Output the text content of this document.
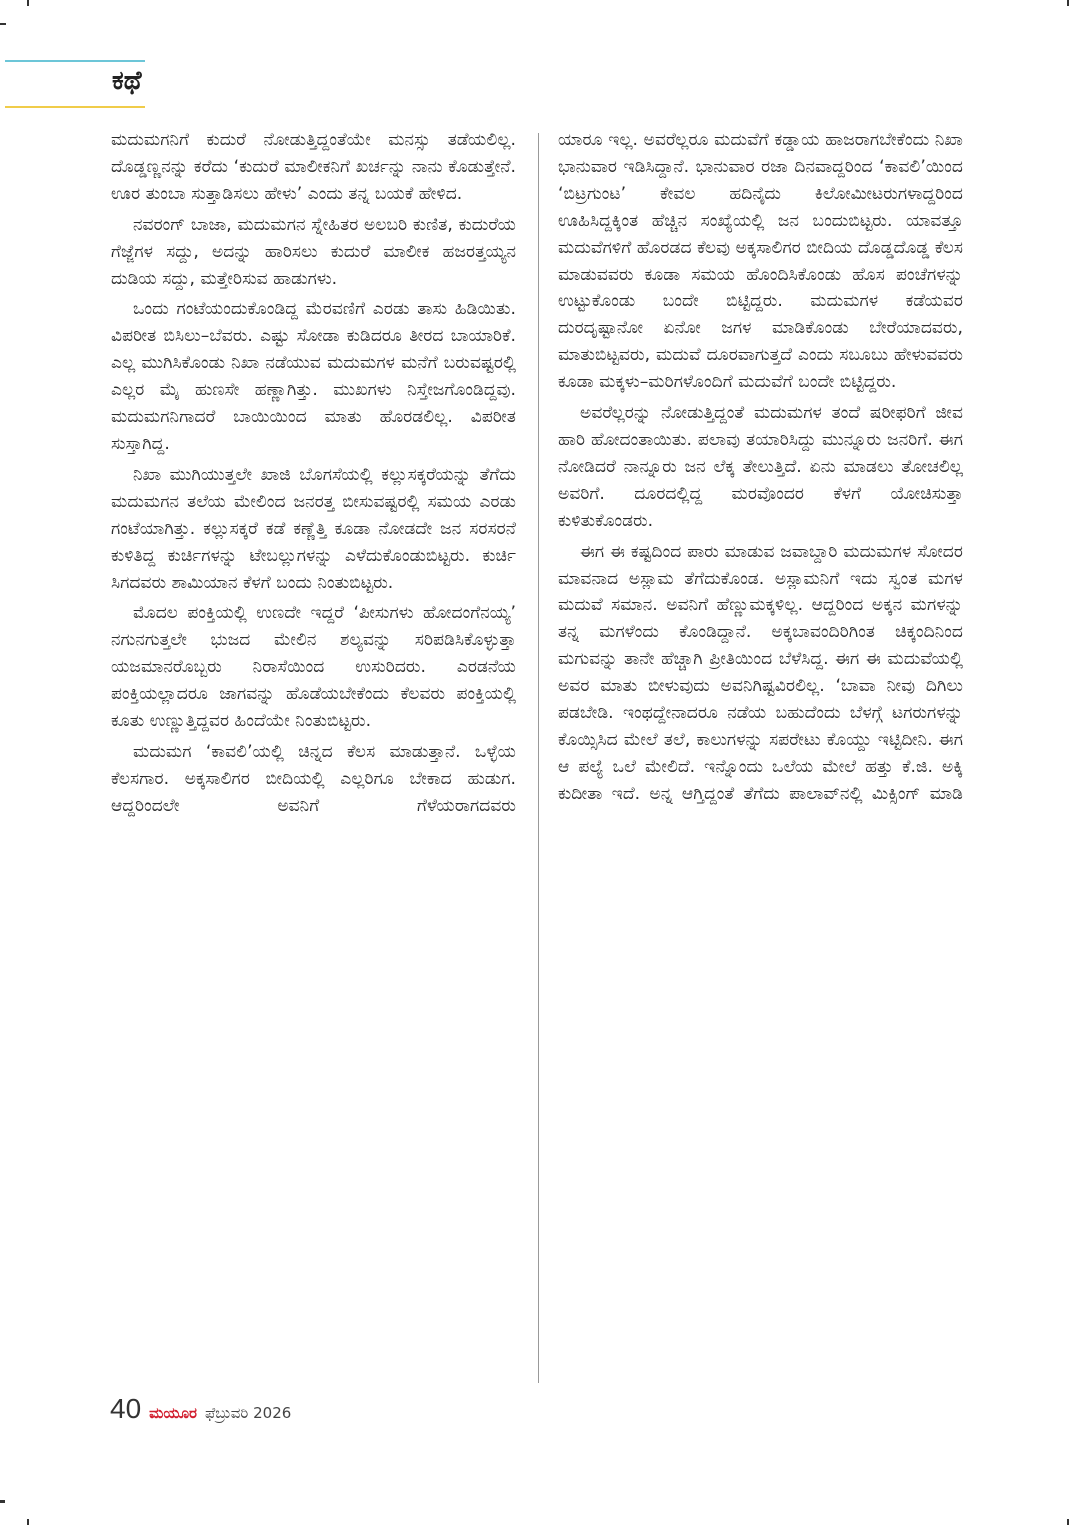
ಕಥೆ

ಮದುಮಗನಿಗೆ ಕುದುರೆ ನೋಡುತ್ತಿದ್ದಂತೆಯೇ ಮನಸ್ಸು ತಡೆಯಲಿಲ್ಲ. ದೊಡ್ಡಣ್ಣನನ್ನು ಕರೆದು ‘ಕುದುರೆ ಮಾಲೀಕನಿಗೆ ಖರ್ಚನ್ನು ನಾನು ಕೊಡುತ್ತೇನೆ. ಊರ ತುಂಬಾ ಸುತ್ತಾಡಿಸಲು ಹೇಳು’ ಎಂದು ತನ್ನ ಬಯಕೆ ಹೇಳಿದ.

ನವರಂಗ್ ಬಾಜಾ, ಮದುಮಗನ ಸ್ನೇಹಿತರ ಅಲಬರಿ ಕುಣಿತ, ಕುದುರೆಯ ಗೆಜ್ಜೆಗಳ ಸದ್ದು, ಅದನ್ನು ಹಾರಿಸಲು ಕುದುರೆ ಮಾಲೀಕ ಹಜರತ್ತಯ್ಯನ ದುಡಿಯ ಸದ್ದು, ಮತ್ತೇರಿಸುವ ಹಾಡುಗಳು.

ಒಂದು ಗಂಟೆಯಂದುಕೊಂಡಿದ್ದ ಮೆರವಣಿಗೆ ಎರಡು ತಾಸು ಹಿಡಿಯಿತು. ವಿಪರೀತ ಬಿಸಿಲು–ಬೆವರು. ಎಷ್ಟು ಸೋಡಾ ಕುಡಿದರೂ ತೀರದ ಬಾಯಾರಿಕೆ. ಎಲ್ಲ ಮುಗಿಸಿಕೊಂಡು ನಿಖಾ ನಡೆಯುವ ಮದುಮಗಳ ಮನೆಗೆ ಬರುವಷ್ಟರಲ್ಲಿ ಎಲ್ಲರ ಮೈ ಹುಣಸೇ ಹಣ್ಣಾಗಿತ್ತು. ಮುಖಗಳು ನಿಸ್ತೇಜಗೊಂಡಿದ್ದವು. ಮದುಮಗನಿಗಾದರೆ ಬಾಯಿಯಿಂದ ಮಾತು ಹೊರಡಲಿಲ್ಲ. ವಿಪರೀತ ಸುಸ್ತಾಗಿದ್ದ.

ನಿಖಾ ಮುಗಿಯುತ್ತಲೇ ಖಾಜಿ ಬೊಗಸೆಯಲ್ಲಿ ಕಲ್ಲುಸಕ್ಕರೆಯನ್ನು ತೆಗೆದು ಮದುಮಗನ ತಲೆಯ ಮೇಲಿಂದ ಜನರತ್ತ ಬೀಸುವಷ್ಟರಲ್ಲಿ ಸಮಯ ಎರಡು ಗಂಟೆಯಾಗಿತ್ತು. ಕಲ್ಲುಸಕ್ಕರೆ ಕಡೆ ಕಣ್ಣೆತ್ತಿ ಕೂಡಾ ನೋಡದೇ ಜನ ಸರಸರನೆ ಕುಳಿತಿದ್ದ ಕುರ್ಚಿಗಳನ್ನು ಟೇಬಲ್ಲುಗಳನ್ನು ಎಳೆದುಕೊಂಡುಬಿಟ್ಟರು. ಕುರ್ಚಿ ಸಿಗದವರು ಶಾಮಿಯಾನ ಕೆಳಗೆ ಬಂದು ನಿಂತುಬಿಟ್ಟರು.

ಮೊದಲ ಪಂಕ್ತಿಯಲ್ಲಿ ಉಣದೇ ಇದ್ದರೆ ‘ಪೀಸುಗಳು ಹೋದಂಗೆನಯ್ಯ’ ನಗುನಗುತ್ತಲೇ ಭುಜದ ಮೇಲಿನ ಶಲ್ಯವನ್ನು ಸರಿಪಡಿಸಿಕೊಳ್ಳುತ್ತಾ ಯಜಮಾನರೊಬ್ಬರು ನಿರಾಸೆಯಿಂದ ಉಸುರಿದರು. ಎರಡನೆಯ ಪಂಕ್ತಿಯಲ್ಲಾದರೂ ಜಾಗವನ್ನು ಹೊಡೆಯಬೇಕೆಂದು ಕೆಲವರು ಪಂಕ್ತಿಯಲ್ಲಿ ಕೂತು ಉಣ್ಣುತ್ತಿದ್ದವರ ಹಿಂದೆಯೇ ನಿಂತುಬಿಟ್ಟರು.

ಮದುಮಗ ‘ಕಾವಲಿ’ಯಲ್ಲಿ ಚಿನ್ನದ ಕೆಲಸ ಮಾಡುತ್ತಾನೆ. ಒಳ್ಳೆಯ ಕೆಲಸಗಾರ. ಅಕ್ಕಸಾಲಿಗರ ಬೀದಿಯಲ್ಲಿ ಎಲ್ಲರಿಗೂ ಬೇಕಾದ ಹುಡುಗ. ಆದ್ದರಿಂದಲೇ ಅವನಿಗೆ ಗೆಳೆಯರಾಗದವರು

ಯಾರೂ ಇಲ್ಲ. ಅವರೆಲ್ಲರೂ ಮದುವೆಗೆ ಕಡ್ಡಾಯ ಹಾಜರಾಗಬೇಕೆಂದು ನಿಖಾ ಭಾನುವಾರ ಇಡಿಸಿದ್ದಾನೆ. ಭಾನುವಾರ ರಜಾ ದಿನವಾದ್ದರಿಂದ ‘ಕಾವಲಿ’ಯಿಂದ ‘ಬಿಟ್ರಗುಂಟ’ ಕೇವಲ ಹದಿನೈದು ಕಿಲೋಮೀಟರುಗಳಾದ್ದರಿಂದ ಊಹಿಸಿದ್ದಕ್ಕಿಂತ ಹೆಚ್ಚಿನ ಸಂಖ್ಯೆಯಲ್ಲಿ ಜನ ಬಂದುಬಿಟ್ಟರು. ಯಾವತ್ತೂ ಮದುವೆಗಳಿಗೆ ಹೊರಡದ ಕೆಲವು ಅಕ್ಕಸಾಲಿಗರ ಬೀದಿಯ ದೊಡ್ಡದೊಡ್ಡ ಕೆಲಸ ಮಾಡುವವರು ಕೂಡಾ ಸಮಯ ಹೊಂದಿಸಿಕೊಂಡು ಹೊಸ ಪಂಚೆಗಳನ್ನು ಉಟ್ಟುಕೊಂಡು ಬಂದೇ ಬಿಟ್ಟಿದ್ದರು. ಮದುಮಗಳ ಕಡೆಯವರ ದುರದೃಷ್ಟಾನೋ ಏನೋ ಜಗಳ ಮಾಡಿಕೊಂಡು ಬೇರೆಯಾದವರು, ಮಾತುಬಿಟ್ಟವರು, ಮದುವೆ ದೂರವಾಗುತ್ತದೆ ಎಂದು ಸಬೂಬು ಹೇಳುವವರು ಕೂಡಾ ಮಕ್ಕಳು–ಮರಿಗಳೊಂದಿಗೆ ಮದುವೆಗೆ ಬಂದೇ ಬಿಟ್ಟಿದ್ದರು.

ಅವರೆಲ್ಲರನ್ನು ನೋಡುತ್ತಿದ್ದಂತೆ ಮದುಮಗಳ ತಂದೆ ಷರೀಫರಿಗೆ ಜೀವ ಹಾರಿ ಹೋದಂತಾಯಿತು. ಪಲಾವು ತಯಾರಿಸಿದ್ದು ಮುನ್ನೂರು ಜನರಿಗೆ. ಈಗ ನೋಡಿದರೆ ನಾನ್ನೂರು ಜನ ಲೆಕ್ಕ ತೇಲುತ್ತಿದೆ. ಏನು ಮಾಡಲು ತೋಚಲಿಲ್ಲ ಅವರಿಗೆ. ದೂರದಲ್ಲಿದ್ದ ಮರವೊಂದರ ಕೆಳಗೆ ಯೋಚಿಸುತ್ತಾ ಕುಳಿತುಕೊಂಡರು.

ಈಗ ಈ ಕಷ್ಟದಿಂದ ಪಾರು ಮಾಡುವ ಜವಾಬ್ದಾರಿ ಮದುಮಗಳ ಸೋದರ ಮಾವನಾದ ಅಸ್ಲಾಮ ತೆಗೆದುಕೊಂಡ. ಅಸ್ಲಾಮನಿಗೆ ಇದು ಸ್ವಂತ ಮಗಳ ಮದುವೆ ಸಮಾನ. ಅವನಿಗೆ ಹೆಣ್ಣುಮಕ್ಕಳಿಲ್ಲ. ಆದ್ದರಿಂದ ಅಕ್ಕನ ಮಗಳನ್ನು ತನ್ನ ಮಗಳೆಂದು ಕೊಂಡಿದ್ದಾನೆ. ಅಕ್ಕಬಾವಂದಿರಿಗಿಂತ ಚಿಕ್ಕಂದಿನಿಂದ ಮಗುವನ್ನು ತಾನೇ ಹೆಚ್ಚಾಗಿ ಪ್ರೀತಿಯಿಂದ ಬೆಳೆಸಿದ್ದ. ಈಗ ಈ ಮದುವೆಯಲ್ಲಿ ಅವರ ಮಾತು ಬೀಳುವುದು ಅವನಿಗಿಷ್ಟವಿರಲಿಲ್ಲ. ‘ಬಾವಾ ನೀವು ದಿಗಿಲು ಪಡಬೇಡಿ. ಇಂಥದ್ದೇನಾದರೂ ನಡೆಯ ಬಹುದೆಂದು ಬೆಳಗ್ಗೆ ಟಗರುಗಳನ್ನು ಕೊಯ್ಸಿಸಿದ ಮೇಲೆ ತಲೆ, ಕಾಲುಗಳನ್ನು ಸಪರೇಟು ಕೊಯ್ದು ಇಟ್ಟಿದೀನಿ. ಈಗ ಆ ಪಲ್ಯೆ ಒಲೆ ಮೇಲಿದೆ. ಇನ್ನೊಂದು ಒಲೆಯ ಮೇಲೆ ಹತ್ತು ಕೆ.ಜಿ. ಅಕ್ಕಿ ಕುದೀತಾ ಇದೆ. ಅನ್ನ ಆಗ್ತಿದ್ದಂತೆ ತೆಗೆದು ಪಾಲಾವ್‌ನಲ್ಲಿ ಮಿಕ್ಸಿಂಗ್ ಮಾಡಿ

40 ಮಯೂರ ಫೆಬ್ರುವರಿ 2026
